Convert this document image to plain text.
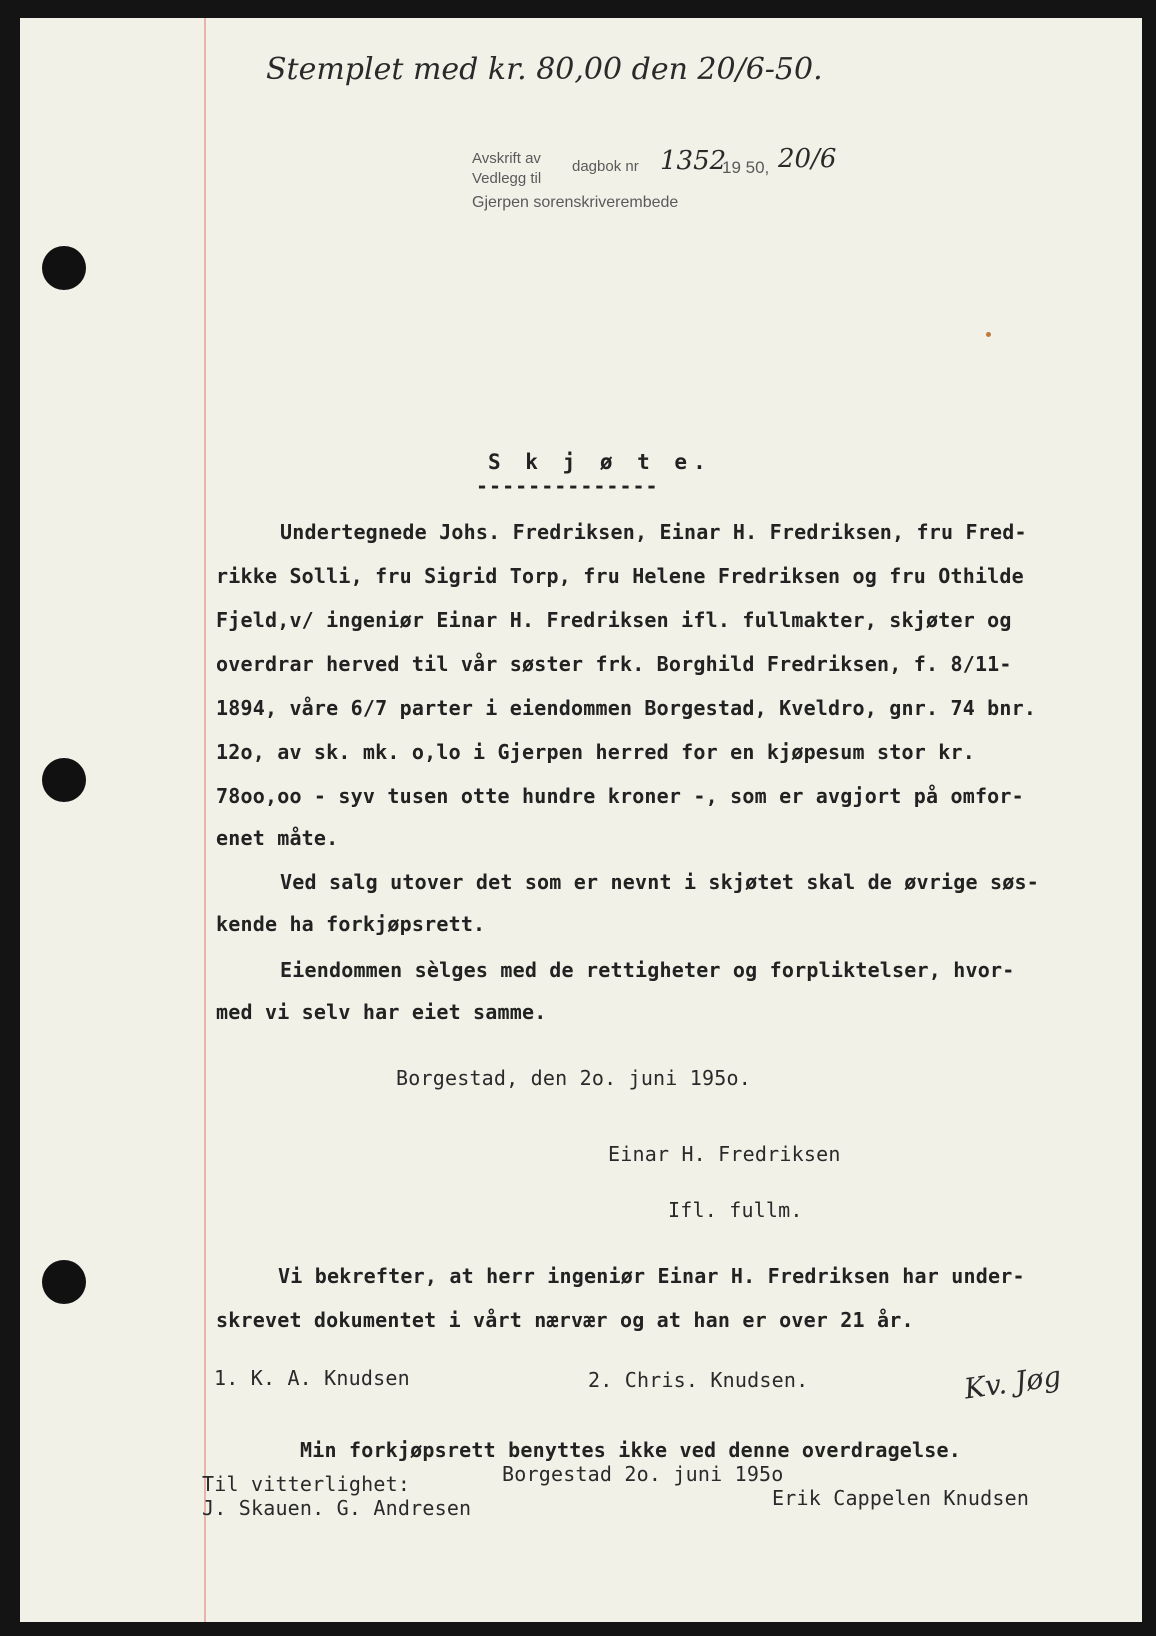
Stemplet med kr. 80,00 den 20/6-50.
Avskrift av
Vedlegg til
dagbok nr 1352
19 50, 20/6
Gjerpen sorenskriverembede
S k j ø t e.
--------------
Undertegnede Johs. Fredriksen, Einar H. Fredriksen, fru Fred-
rikke Solli, fru Sigrid Torp, fru Helene Fredriksen og fru Othilde
Fjeld,v/ ingeniør Einar H. Fredriksen ifl. fullmakter, skjøter og
overdrar herved til vår søster frk. Borghild Fredriksen, f. 8/11-
1894, våre 6/7 parter i eiendommen Borgestad, Kveldro, gnr. 74 bnr.
12o, av sk. mk. o,lo i Gjerpen herred for en kjøpesum stor kr.
78oo,oo - syv tusen otte hundre kroner -, som er avgjort på omfor-
enet måte.
Ved salg utover det som er nevnt i skjøtet skal de øvrige søs-
kende ha forkjøpsrett.
Eiendommen sèlges med de rettigheter og forpliktelser, hvor-
med vi selv har eiet samme.
Borgestad, den 2o. juni 195o.
Einar H. Fredriksen
Ifl. fullm.
Vi bekrefter, at herr ingeniør Einar H. Fredriksen har under-
skrevet dokumentet i vårt nærvær og at han er over 21 år.
1. K. A. Knudsen	2. Chris. Knudsen.	Kv. Jøg
Min forkjøpsrett benyttes ikke ved denne overdragelse.
Borgestad 2o. juni 195o
Erik Cappelen Knudsen
Til vitterlighet:
J. Skauen. G. Andresen
